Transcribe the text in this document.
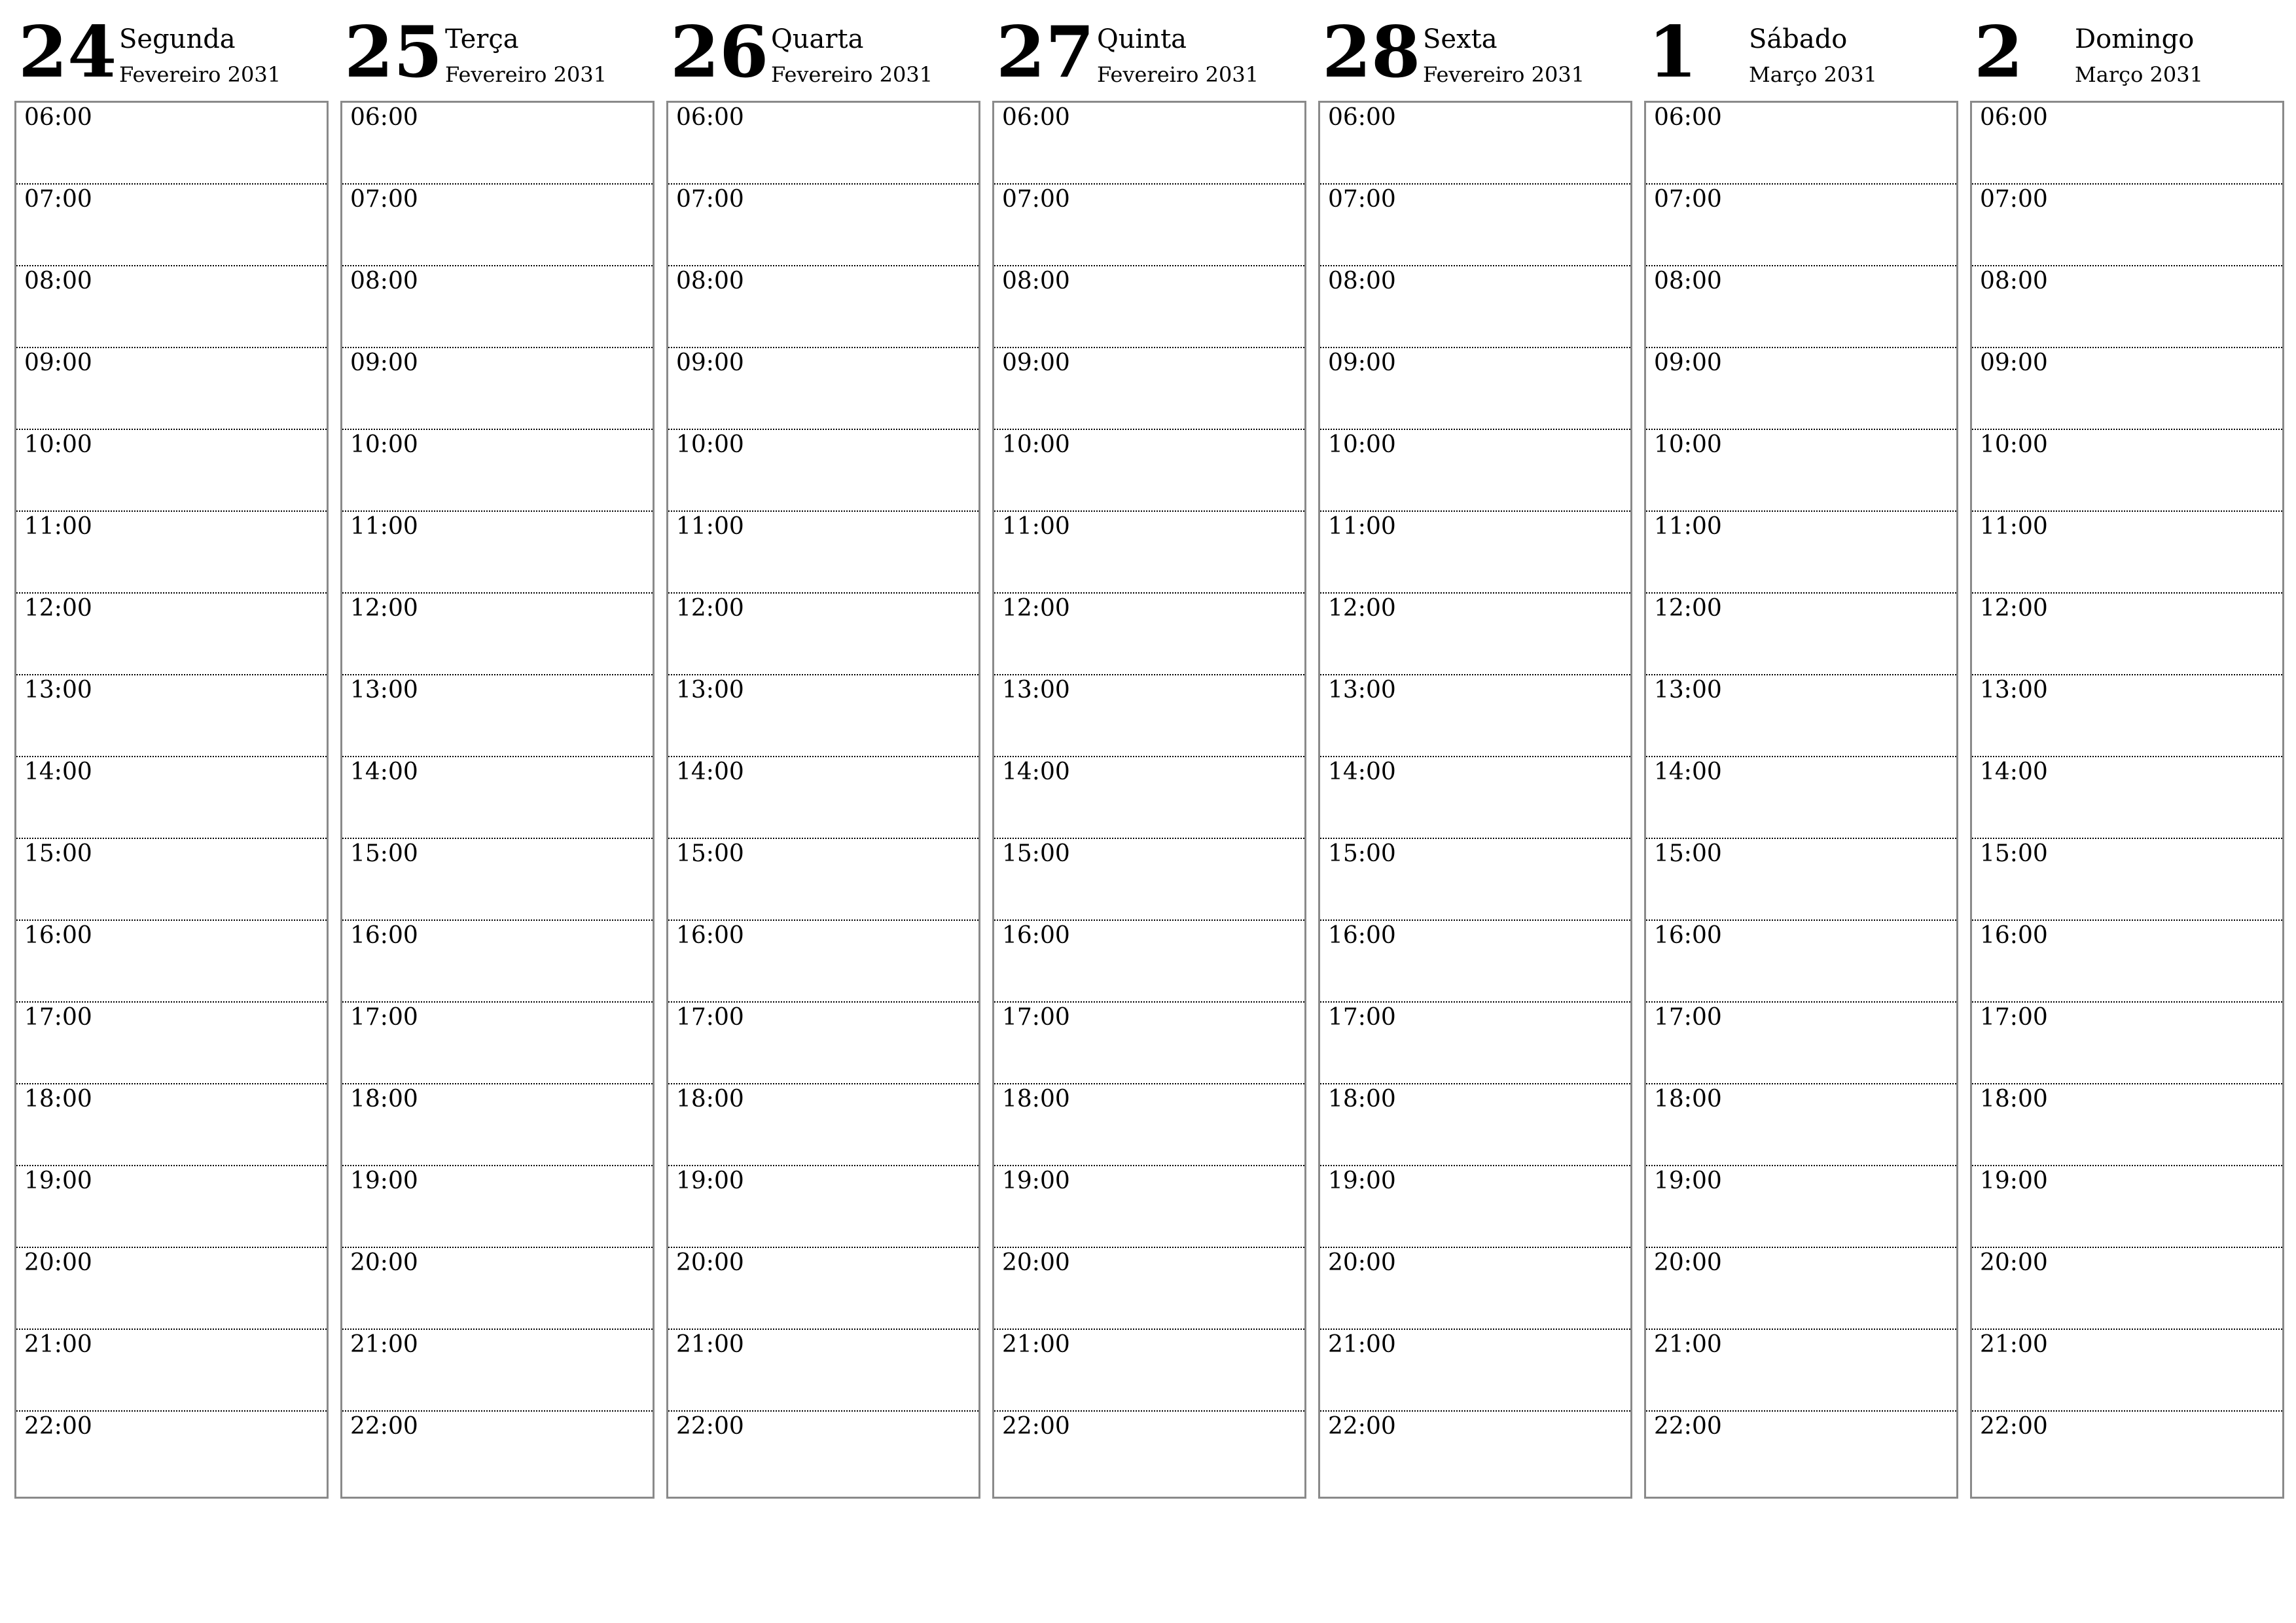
24 Segunda
Fevereiro 2031
06:00
07:00
08:00
09:00
10:00
11:00
12:00
13:00
14:00
15:00
16:00
17:00
18:00
19:00
20:00
21:00
22:00
25 Terça
Fevereiro 2031
06:00
07:00
08:00
09:00
10:00
11:00
12:00
13:00
14:00
15:00
16:00
17:00
18:00
19:00
20:00
21:00
22:00
26 Quarta
Fevereiro 2031
06:00
07:00
08:00
09:00
10:00
11:00
12:00
13:00
14:00
15:00
16:00
17:00
18:00
19:00
20:00
21:00
22:00
27 Quinta
Fevereiro 2031
06:00
07:00
08:00
09:00
10:00
11:00
12:00
13:00
14:00
15:00
16:00
17:00
18:00
19:00
20:00
21:00
22:00
28 Sexta
Fevereiro 2031
06:00
07:00
08:00
09:00
10:00
11:00
12:00
13:00
14:00
15:00
16:00
17:00
18:00
19:00
20:00
21:00
22:00
1 Sábado
Março 2031
06:00
07:00
08:00
09:00
10:00
11:00
12:00
13:00
14:00
15:00
16:00
17:00
18:00
19:00
20:00
21:00
22:00
2 Domingo
Março 2031
06:00
07:00
08:00
09:00
10:00
11:00
12:00
13:00
14:00
15:00
16:00
17:00
18:00
19:00
20:00
21:00
22:00
